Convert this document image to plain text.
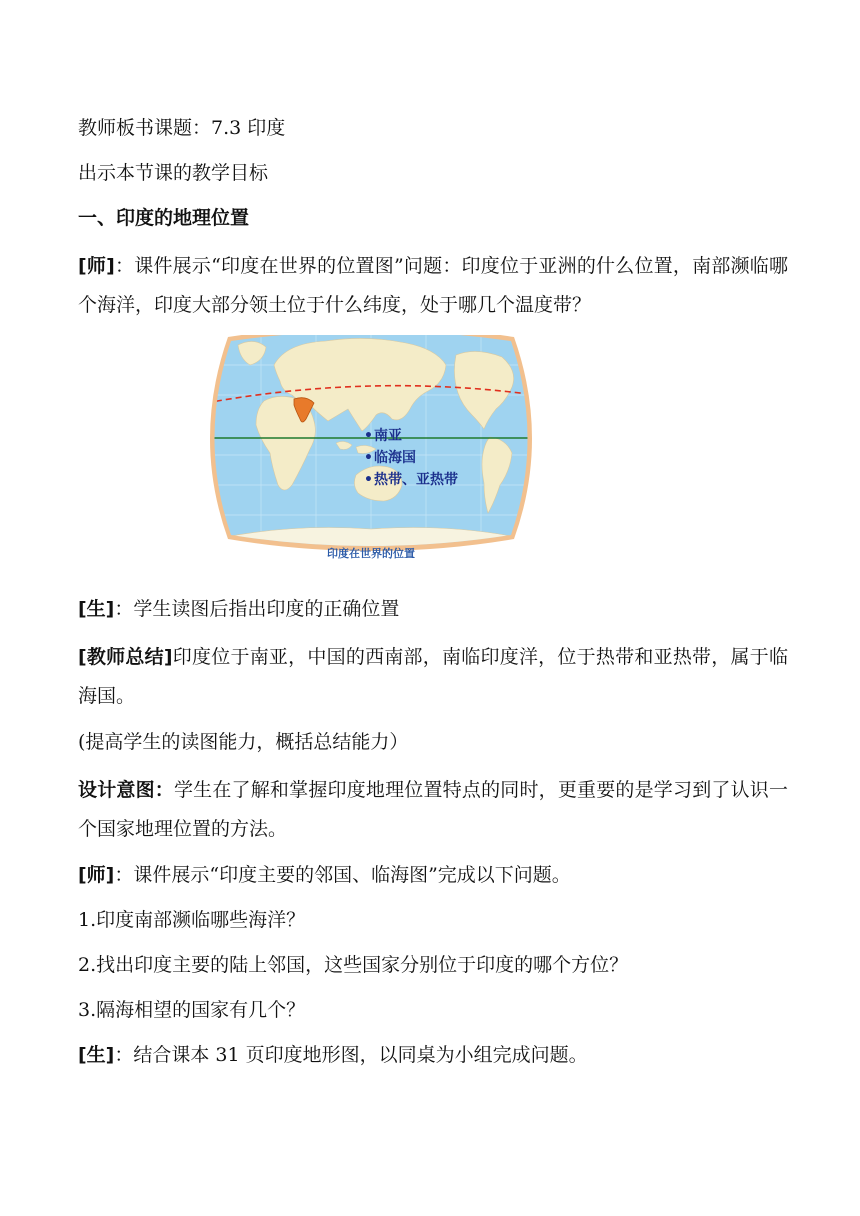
教师板书课题：7.3 印度

出示本节课的教学目标

一、印度的地理位置

[师]：课件展示“印度在世界的位置图”问题：印度位于亚洲的什么位置，南部濒临哪个海洋，印度大部分领土位于什么纬度，处于哪几个温度带？

• 南亚
• 临海国
• 热带、亚热带
印度在世界的位置

[生]：学生读图后指出印度的正确位置

[教师总结]印度位于南亚，中国的西南部，南临印度洋，位于热带和亚热带，属于临海国。

(提高学生的读图能力，概括总结能力）

设计意图：学生在了解和掌握印度地理位置特点的同时，更重要的是学习到了认识一个国家地理位置的方法。

[师]：课件展示“印度主要的邻国、临海图”完成以下问题。

1.印度南部濒临哪些海洋？

2.找出印度主要的陆上邻国，这些国家分别位于印度的哪个方位？

3.隔海相望的国家有几个？

[生]：结合课本 31 页印度地形图，以同桌为小组完成问题。
